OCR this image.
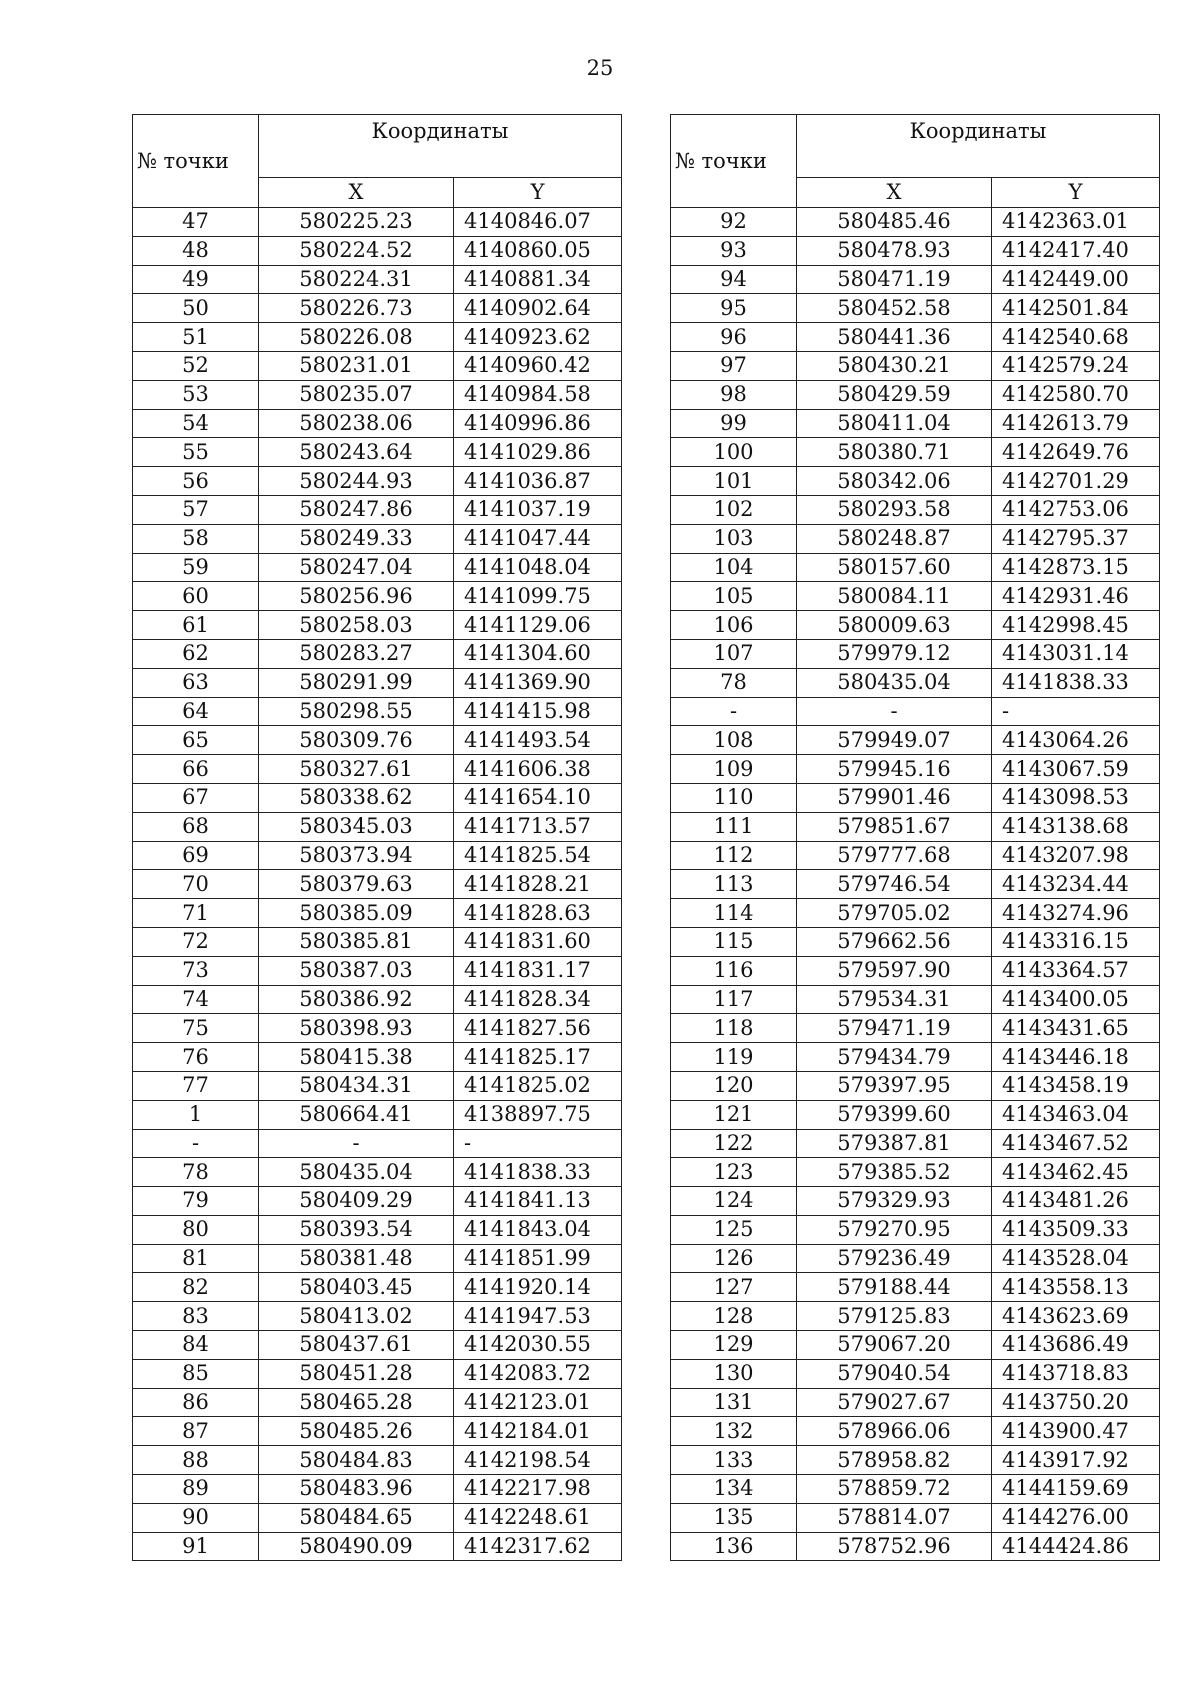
25
№ точки	Координаты	
	X	Y
47	580225.23	4140846.07
48	580224.52	4140860.05
49	580224.31	4140881.34
50	580226.73	4140902.64
51	580226.08	4140923.62
52	580231.01	4140960.42
53	580235.07	4140984.58
54	580238.06	4140996.86
55	580243.64	4141029.86
56	580244.93	4141036.87
57	580247.86	4141037.19
58	580249.33	4141047.44
59	580247.04	4141048.04
60	580256.96	4141099.75
61	580258.03	4141129.06
62	580283.27	4141304.60
63	580291.99	4141369.90
64	580298.55	4141415.98
65	580309.76	4141493.54
66	580327.61	4141606.38
67	580338.62	4141654.10
68	580345.03	4141713.57
69	580373.94	4141825.54
70	580379.63	4141828.21
71	580385.09	4141828.63
72	580385.81	4141831.60
73	580387.03	4141831.17
74	580386.92	4141828.34
75	580398.93	4141827.56
76	580415.38	4141825.17
77	580434.31	4141825.02
1	580664.41	4138897.75
-	-	-
78	580435.04	4141838.33
79	580409.29	4141841.13
80	580393.54	4141843.04
81	580381.48	4141851.99
82	580403.45	4141920.14
83	580413.02	4141947.53
84	580437.61	4142030.55
85	580451.28	4142083.72
86	580465.28	4142123.01
87	580485.26	4142184.01
88	580484.83	4142198.54
89	580483.96	4142217.98
90	580484.65	4142248.61
91	580490.09	4142317.62
№ точки	Координаты	
	X	Y
92	580485.46	4142363.01
93	580478.93	4142417.40
94	580471.19	4142449.00
95	580452.58	4142501.84
96	580441.36	4142540.68
97	580430.21	4142579.24
98	580429.59	4142580.70
99	580411.04	4142613.79
100	580380.71	4142649.76
101	580342.06	4142701.29
102	580293.58	4142753.06
103	580248.87	4142795.37
104	580157.60	4142873.15
105	580084.11	4142931.46
106	580009.63	4142998.45
107	579979.12	4143031.14
78	580435.04	4141838.33
-	-	-
108	579949.07	4143064.26
109	579945.16	4143067.59
110	579901.46	4143098.53
111	579851.67	4143138.68
112	579777.68	4143207.98
113	579746.54	4143234.44
114	579705.02	4143274.96
115	579662.56	4143316.15
116	579597.90	4143364.57
117	579534.31	4143400.05
118	579471.19	4143431.65
119	579434.79	4143446.18
120	579397.95	4143458.19
121	579399.60	4143463.04
122	579387.81	4143467.52
123	579385.52	4143462.45
124	579329.93	4143481.26
125	579270.95	4143509.33
126	579236.49	4143528.04
127	579188.44	4143558.13
128	579125.83	4143623.69
129	579067.20	4143686.49
130	579040.54	4143718.83
131	579027.67	4143750.20
132	578966.06	4143900.47
133	578958.82	4143917.92
134	578859.72	4144159.69
135	578814.07	4144276.00
136	578752.96	4144424.86
